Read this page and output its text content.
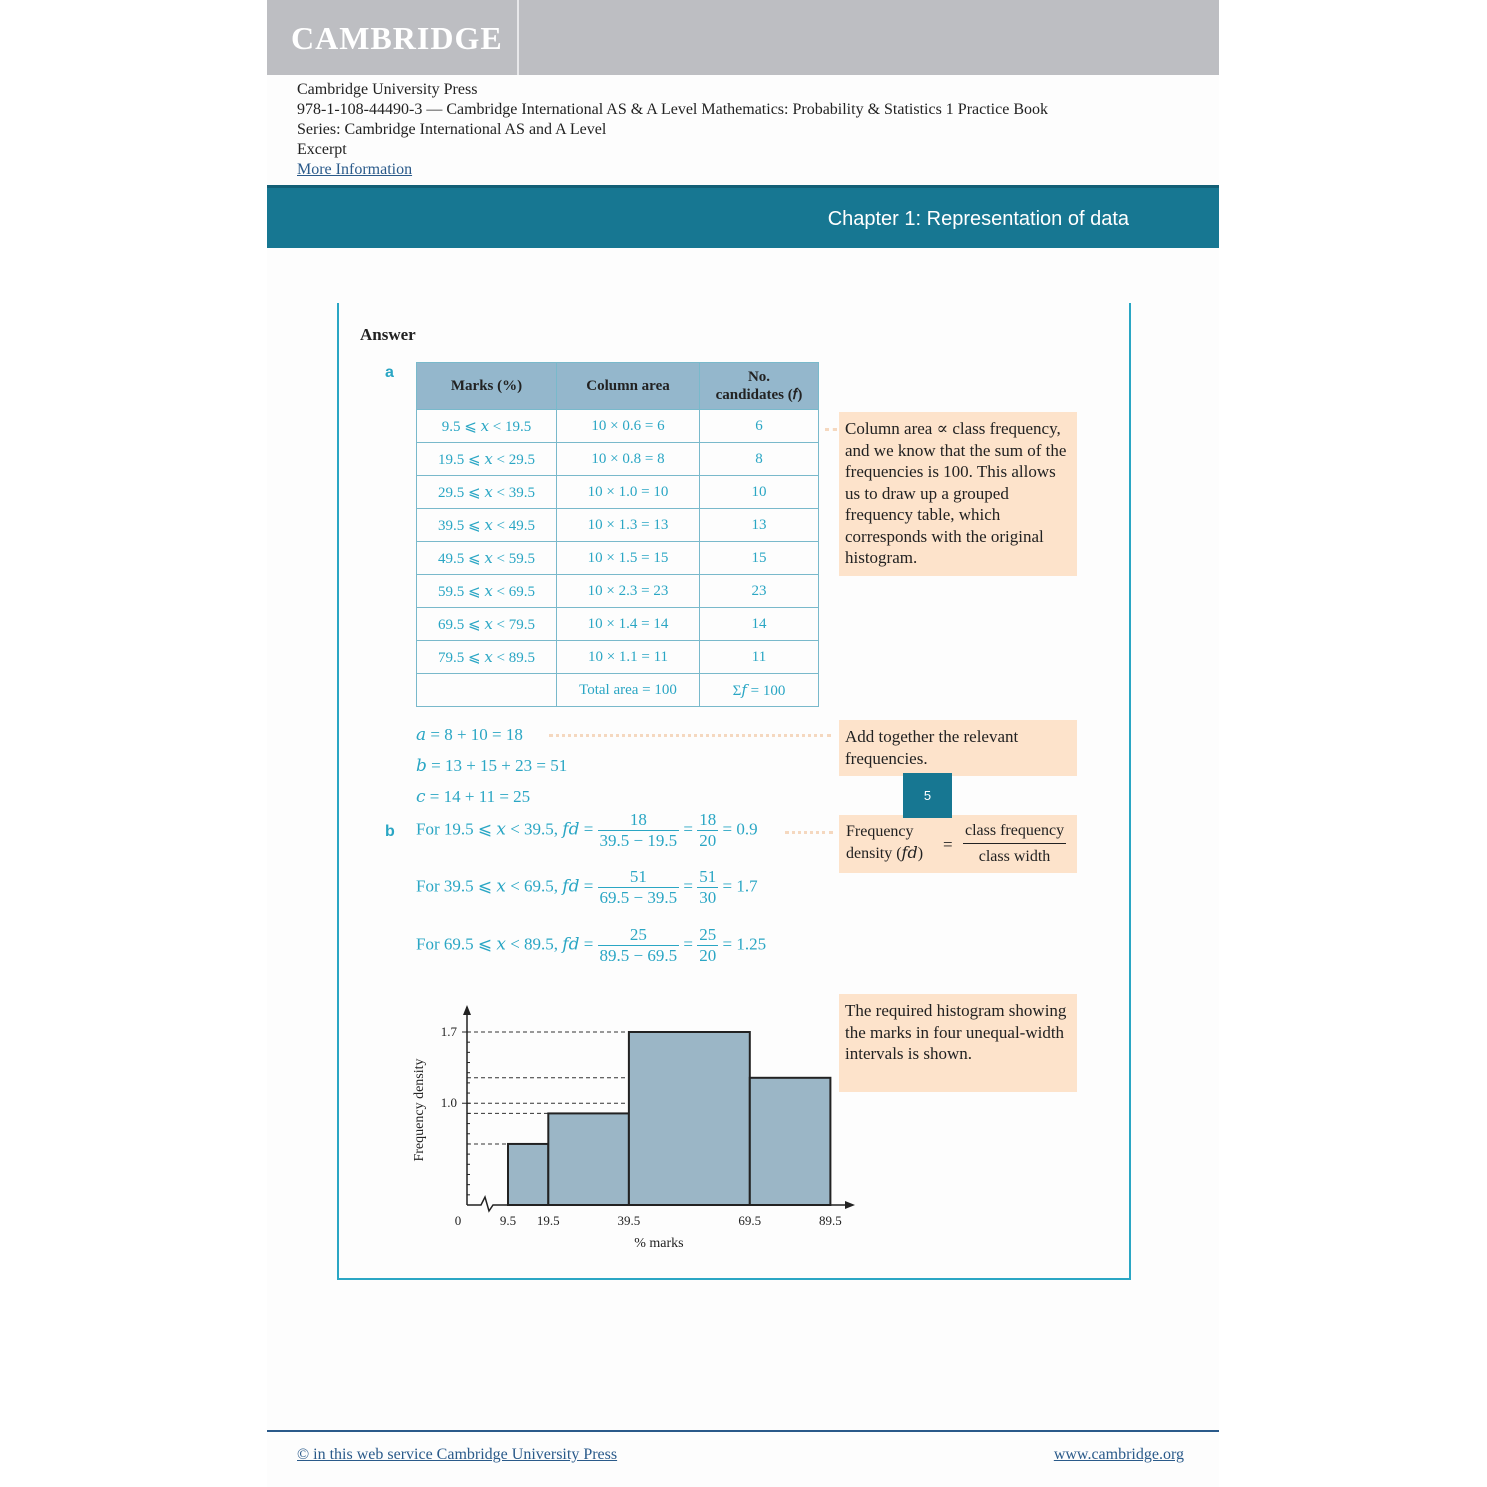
CAMBRIDGE
Cambridge University Press
978-1-108-44490-3 — Cambridge International AS & A Level Mathematics: Probability & Statistics 1 Practice Book
Series: Cambridge International AS and A Level
Excerpt
More Information
Chapter 1: Representation of data
Answer
a
Marks (%)	Column area	No.
candidates (𝑓)
9.5 ⩽ 𝑥 < 19.5	10 × 0.6 = 6	6
19.5 ⩽ 𝑥 < 29.5	10 × 0.8 = 8	8
29.5 ⩽ 𝑥 < 39.5	10 × 1.0 = 10	10
39.5 ⩽ 𝑥 < 49.5	10 × 1.3 = 13	13
49.5 ⩽ 𝑥 < 59.5	10 × 1.5 = 15	15
59.5 ⩽ 𝑥 < 69.5	10 × 2.3 = 23	23
69.5 ⩽ 𝑥 < 79.5	10 × 1.4 = 14	14
79.5 ⩽ 𝑥 < 89.5	10 × 1.1 = 11	11
	Total area = 100	Σ𝑓 = 100
Column area ∝ class frequency, and we know that the sum of the frequencies is 100. This allows us to draw up a grouped frequency table, which corresponds with the original histogram.
𝑎 = 8 + 10 = 18
𝑏 = 13 + 15 + 23 = 51
𝑐 = 14 + 11 = 25
Add together the relevant frequencies.
b For 19.5 ⩽ 𝑥 < 39.5, 𝑓𝑑 = $\frac{18}{39.5 - 19.5} = \frac{18}{20} = 0.9$	Frequency
density (𝑓𝑑) =
class frequency
class width
For 39.5 ⩽ 𝑥 < 69.5, 𝑓𝑑 = $\frac{51}{69.5 - 39.5} = \frac{51}{30} = 1.7$
For 69.5 ⩽ 𝑥 < 89.5, 𝑓𝑑 = $\frac{25}{89.5 - 69.5} = \frac{25}{20} = 1.25$
The required histogram showing the marks in four unequal-width intervals is shown.
1.0
1.7
0	9.5 19.5	39.5	69.5	89.5
% marks
Frequency density
© in this web service Cambridge University Press	www.cambridge.org
5
